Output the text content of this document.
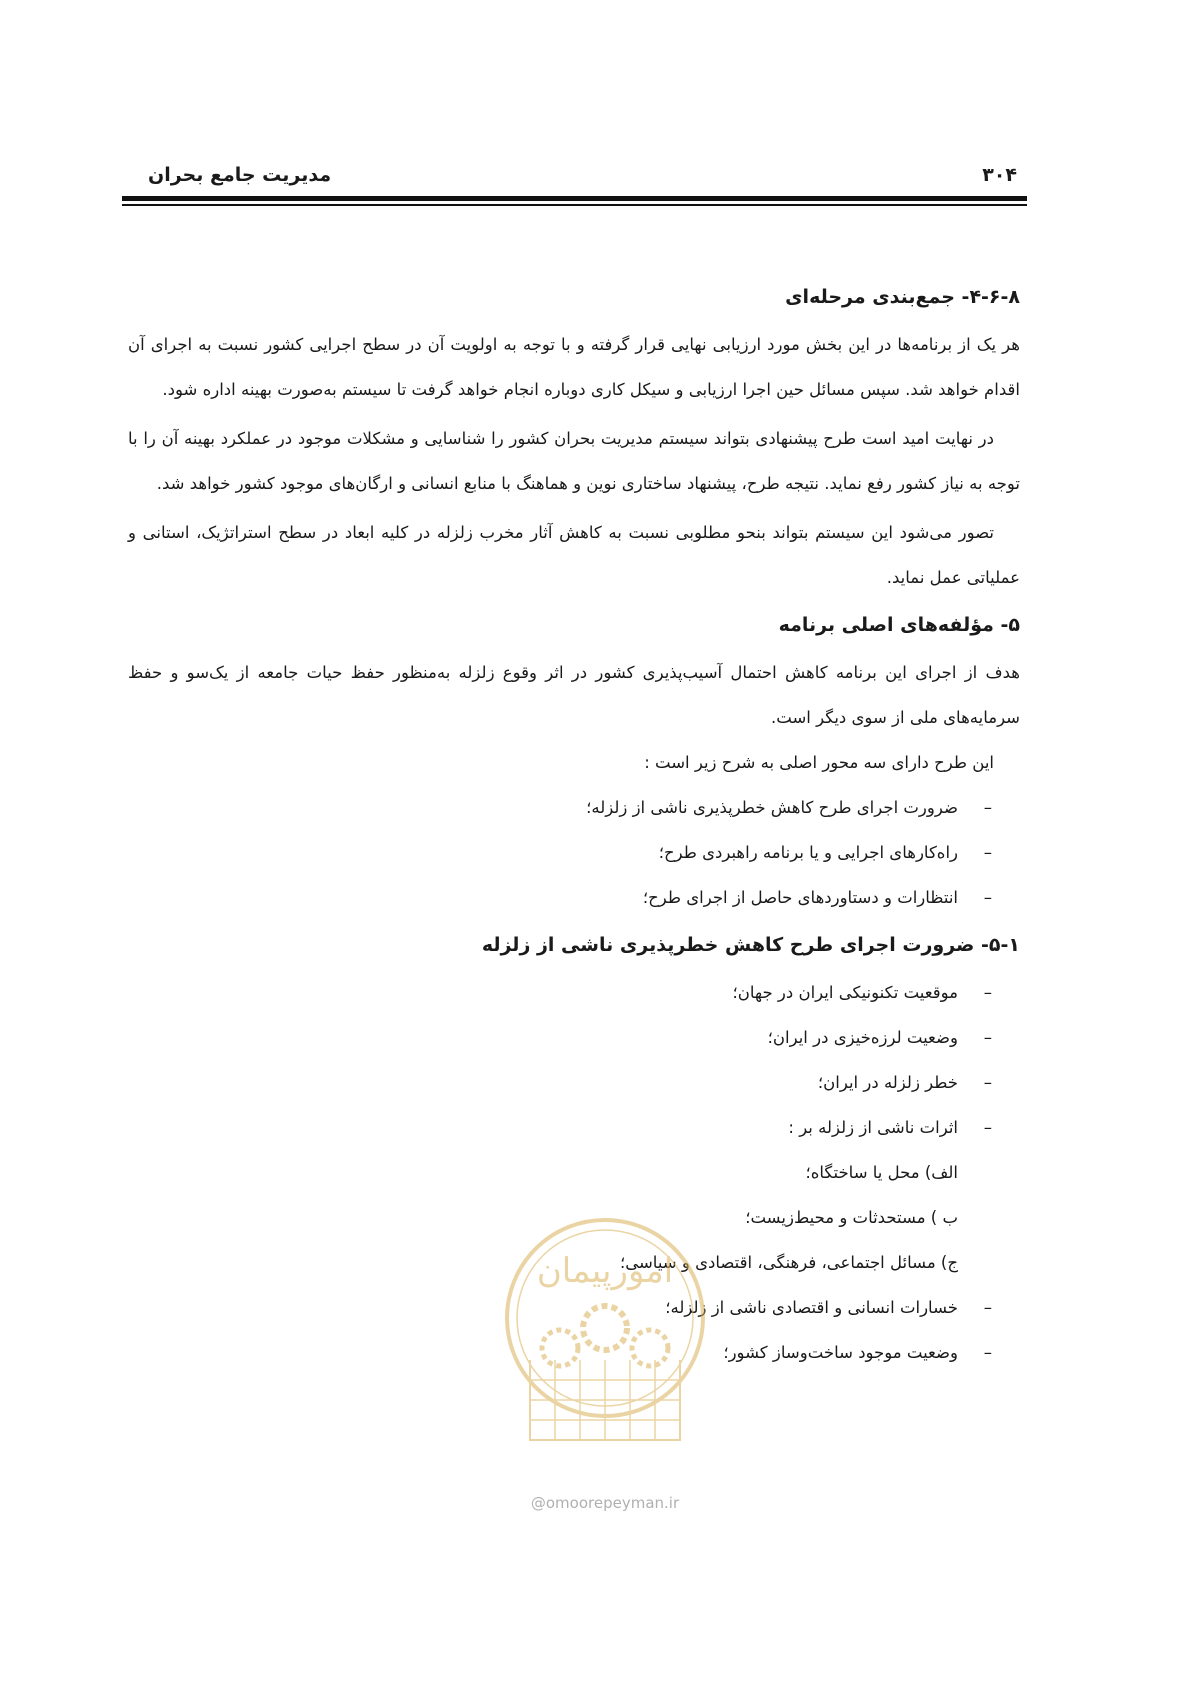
مدیریت جامع بحران	۳۰۴
۴-۶-۸- جمع‌بندی مرحله‌ای

هر یک از برنامه‌ها در این بخش مورد ارزیابی نهایی قرار گرفته و با توجه به اولویت آن در سطح اجرایی کشور نسبت به اجرای آن اقدام خواهد شد. سپس مسائل حین اجرا ارزیابی و سیکل کاری دوباره انجام خواهد گرفت تا سیستم به‌صورت بهینه اداره شود.

در نهایت امید است طرح پیشنهادی بتواند سیستم مدیریت بحران کشور را شناسایی و مشکلات موجود در عملکرد بهینه آن را با توجه به نیاز کشور رفع نماید. نتیجه طرح، پیشنهاد ساختاری نوین و هماهنگ با منابع انسانی و ارگان‌های موجود کشور خواهد شد.

تصور می‌شود این سیستم بتواند بنحو مطلوبی نسبت به کاهش آثار مخرب زلزله در کلیه ابعاد در سطح استراتژیک، استانی و عملیاتی عمل نماید.

۵- مؤلفه‌های اصلی برنامه

هدف از اجرای این برنامه کاهش احتمال آسیب‌پذیری کشور در اثر وقوع زلزله به‌منظور حفظ حیات جامعه از یک‌سو و حفظ سرمایه‌های ملی از سوی دیگر است.

این طرح دارای سه محور اصلی به شرح زیر است :

–ضرورت اجرای طرح کاهش خطرپذیری ناشی از زلزله؛

–راه‌کارهای اجرایی و یا برنامه راهبردی طرح؛

–انتظارات و دستاوردهای حاصل از اجرای طرح؛

۵-۱- ضرورت اجرای طرح کاهش خطرپذیری ناشی از زلزله

–موقعیت تکنونیکی ایران در جهان؛

–وضعیت لرزه‌خیزی در ایران؛

–خطر زلزله در ایران؛

–اثرات ناشی از زلزله بر :

الف) محل یا ساختگاه؛

ب ) مستحدثات و محیط‌زیست؛

ج) مسائل اجتماعی، فرهنگی، اقتصادی و سیاسی؛

–خسارات انسانی و اقتصادی ناشی از زلزله؛

–وضعیت موجود ساخت‌وساز کشور؛

امورپیمان
@omoorepeyman.ir
